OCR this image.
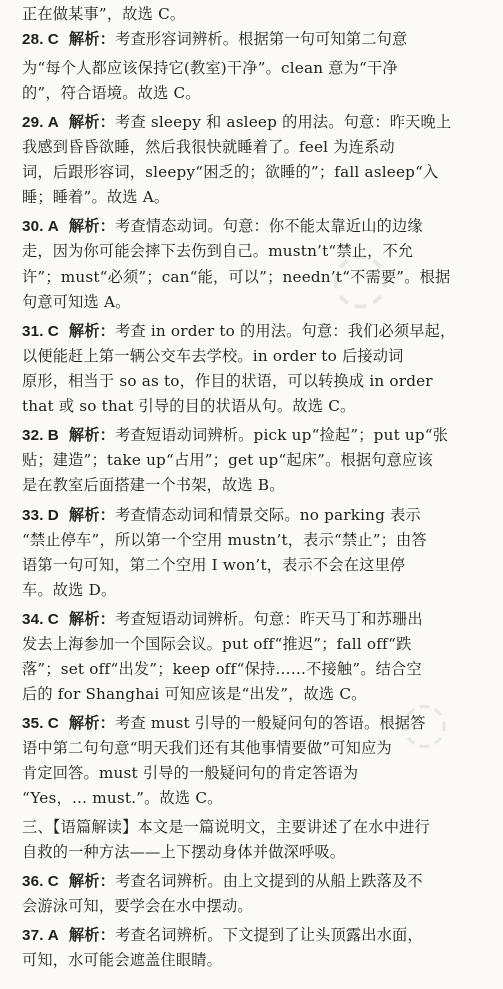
◌
◌
正在做某事”，故选 C。
28. C 解析：考查形容词辨析。根据第一句可知第二句意
为“每个人都应该保持它(教室)干净”。clean 意为“干净
的”，符合语境。故选 C。
29. A 解析：考查 sleepy 和 asleep 的用法。句意：昨天晚上
我感到昏昏欲睡，然后我很快就睡着了。feel 为连系动
词，后跟形容词，sleepy“困乏的；欲睡的”；fall asleep“入
睡；睡着”。故选 A。
30. A 解析：考查情态动词。句意：你不能太靠近山的边缘
走，因为你可能会摔下去伤到自己。mustn’t“禁止，不允
许”；must“必须”；can“能，可以”；needn’t“不需要”。根据
句意可知选 A。
31. C 解析：考查 in order to 的用法。句意：我们必须早起，
以便能赶上第一辆公交车去学校。in order to 后接动词
原形，相当于 so as to，作目的状语，可以转换成 in order
that 或 so that 引导的目的状语从句。故选 C。
32. B 解析：考查短语动词辨析。pick up“捡起”；put up“张
贴；建造”；take up“占用”；get up“起床”。根据句意应该
是在教室后面搭建一个书架，故选 B。
33. D 解析：考查情态动词和情景交际。no parking 表示
“禁止停车”，所以第一个空用 mustn’t，表示“禁止”；由答
语第一句可知，第二个空用 I won’t，表示不会在这里停
车。故选 D。
34. C 解析：考查短语动词辨析。句意：昨天马丁和苏珊出
发去上海参加一个国际会议。put off“推迟”；fall off“跌
落”；set off“出发”；keep off“保持……不接触”。结合空
后的 for Shanghai 可知应该是“出发”，故选 C。
35. C 解析：考查 must 引导的一般疑问句的答语。根据答
语中第二句句意“明天我们还有其他事情要做”可知应为
肯定回答。must 引导的一般疑问句的肯定答语为
“Yes，… must.”。故选 C。
三、【语篇解读】本文是一篇说明文，主要讲述了在水中进行
自救的一种方法——上下摆动身体并做深呼吸。
36. C 解析：考查名词辨析。由上文提到的从船上跌落及不
会游泳可知，要学会在水中摆动。
37. A 解析：考查名词辨析。下文提到了让头顶露出水面，
可知，水可能会遮盖住眼睛。
